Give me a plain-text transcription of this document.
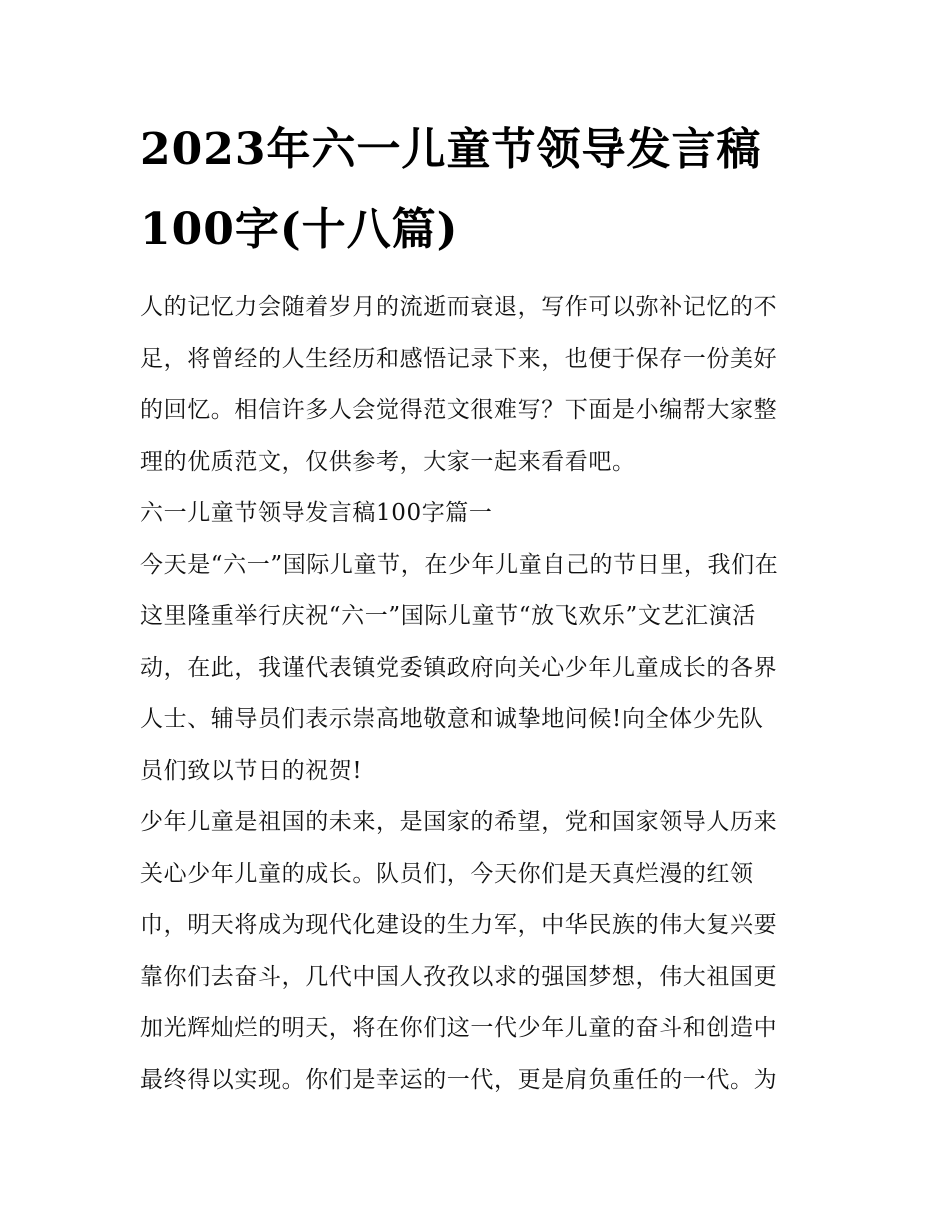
2023年六一儿童节领导发言稿
100字(十八篇)

人的记忆力会随着岁月的流逝而衰退，写作可以弥补记忆的不
足，将曾经的人生经历和感悟记录下来，也便于保存一份美好
的回忆。相信许多人会觉得范文很难写？下面是小编帮大家整
理的优质范文，仅供参考，大家一起来看看吧。

六一儿童节领导发言稿100字篇一

今天是“六一”国际儿童节，在少年儿童自己的节日里，我们在
这里隆重举行庆祝“六一”国际儿童节“放飞欢乐”文艺汇演活
动，在此，我谨代表镇党委镇政府向关心少年儿童成长的各界
人士、辅导员们表示崇高地敬意和诚挚地问候!向全体少先队
员们致以节日的祝贺!

少年儿童是祖国的未来，是国家的希望，党和国家领导人历来
关心少年儿童的成长。队员们，今天你们是天真烂漫的红领
巾，明天将成为现代化建设的生力军，中华民族的伟大复兴要
靠你们去奋斗，几代中国人孜孜以求的强国梦想，伟大祖国更
加光辉灿烂的明天，将在你们这一代少年儿童的奋斗和创造中
最终得以实现。你们是幸运的一代，更是肩负重任的一代。为
